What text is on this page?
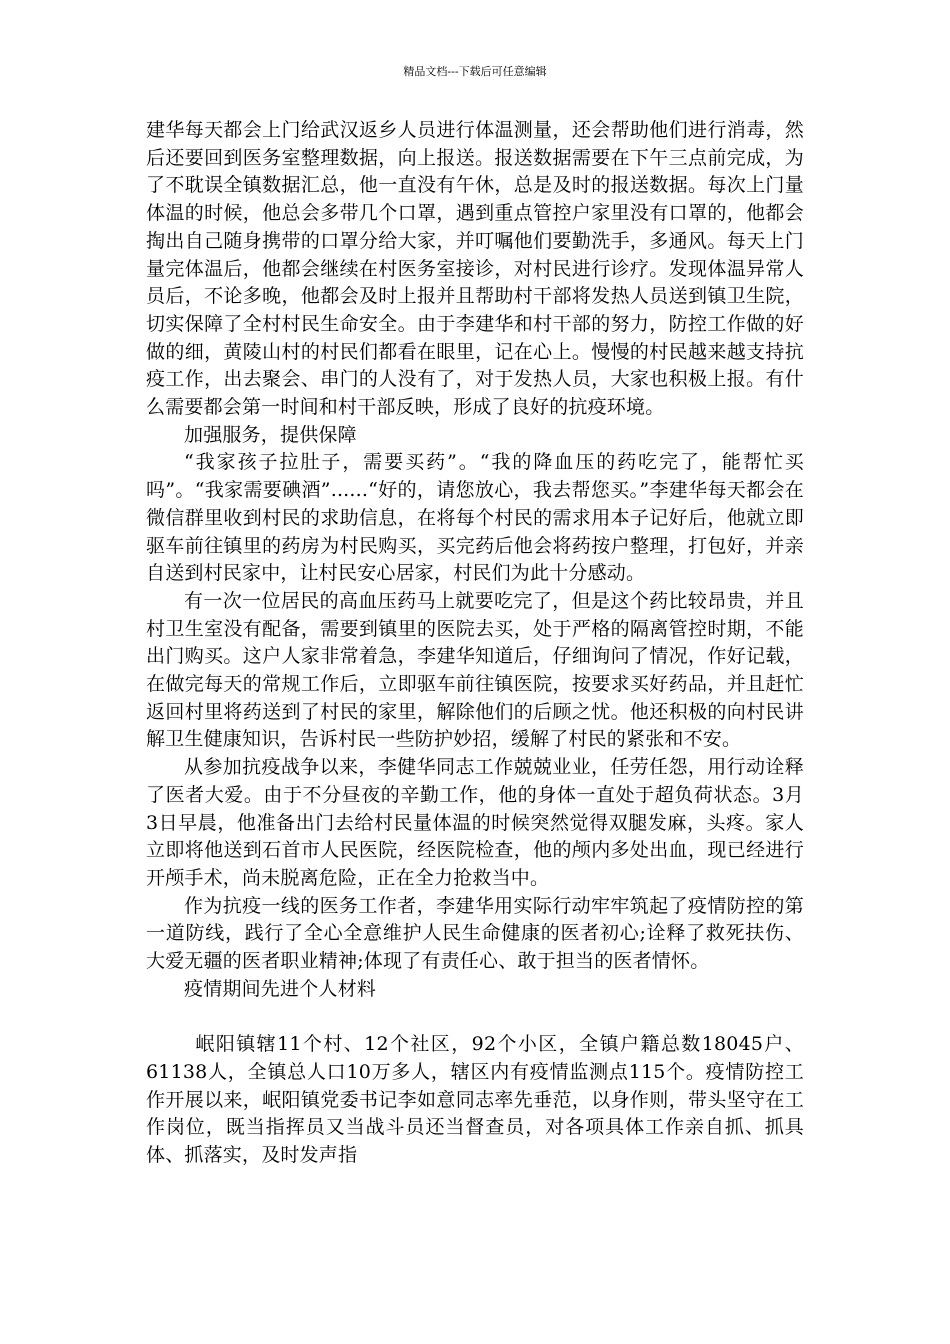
精品文档---下载后可任意编辑

建华每天都会上门给武汉返乡人员进行体温测量，还会帮助他们进行消毒，然后还要回到医务室整理数据，向上报送。报送数据需要在下午三点前完成，为了不耽误全镇数据汇总，他一直没有午休，总是及时的报送数据。每次上门量体温的时候，他总会多带几个口罩，遇到重点管控户家里没有口罩的，他都会掏出自己随身携带的口罩分给大家，并叮嘱他们要勤洗手，多通风。每天上门量完体温后，他都会继续在村医务室接诊，对村民进行诊疗。发现体温异常人员后，不论多晚，他都会及时上报并且帮助村干部将发热人员送到镇卫生院，切实保障了全村村民生命安全。由于李建华和村干部的努力，防控工作做的好做的细，黄陵山村的村民们都看在眼里，记在心上。慢慢的村民越来越支持抗疫工作，出去聚会、串门的人没有了，对于发热人员，大家也积极上报。有什么需要都会第一时间和村干部反映，形成了良好的抗疫环境。

加强服务，提供保障

“我家孩子拉肚子，需要买药”。“我的降血压的药吃完了，能帮忙买吗”。“我家需要碘酒”......“好的，请您放心，我去帮您买。”李建华每天都会在微信群里收到村民的求助信息，在将每个村民的需求用本子记好后，他就立即驱车前往镇里的药房为村民购买，买完药后他会将药按户整理，打包好，并亲自送到村民家中，让村民安心居家，村民们为此十分感动。

有一次一位居民的高血压药马上就要吃完了，但是这个药比较昂贵，并且村卫生室没有配备，需要到镇里的医院去买，处于严格的隔离管控时期，不能出门购买。这户人家非常着急，李建华知道后，仔细询问了情况，作好记载，在做完每天的常规工作后，立即驱车前往镇医院，按要求买好药品，并且赶忙返回村里将药送到了村民的家里，解除他们的后顾之忧。他还积极的向村民讲解卫生健康知识，告诉村民一些防护妙招，缓解了村民的紧张和不安。

从参加抗疫战争以来，李健华同志工作兢兢业业，任劳任怨，用行动诠释了医者大爱。由于不分昼夜的辛勤工作，他的身体一直处于超负荷状态。3月3日早晨，他准备出门去给村民量体温的时候突然觉得双腿发麻，头疼。家人立即将他送到石首市人民医院，经医院检查，他的颅内多处出血，现已经进行开颅手术，尚未脱离危险，正在全力抢救当中。

作为抗疫一线的医务工作者，李建华用实际行动牢牢筑起了疫情防控的第一道防线，践行了全心全意维护人民生命健康的医者初心;诠释了救死扶伤、大爱无疆的医者职业精神;体现了有责任心、敢于担当的医者情怀。

疫情期间先进个人材料

岷阳镇辖11个村、12个社区，92个小区，全镇户籍总数18045户、61138人，全镇总人口10万多人，辖区内有疫情监测点115个。疫情防控工作开展以来，岷阳镇党委书记李如意同志率先垂范，以身作则，带头坚守在工作岗位，既当指挥员又当战斗员还当督查员，对各项具体工作亲自抓、抓具体、抓落实，及时发声指
